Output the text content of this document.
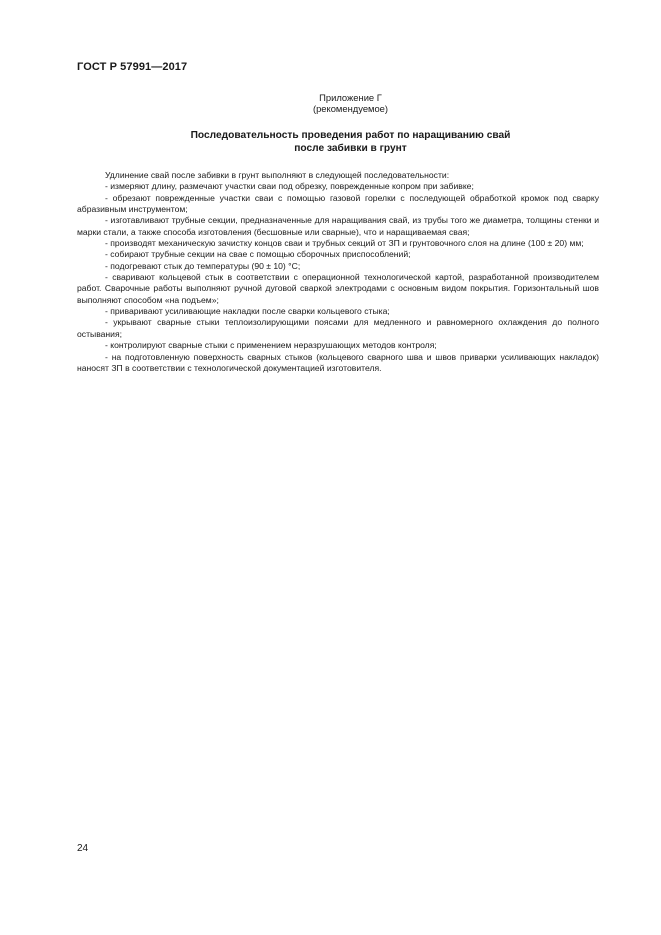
ГОСТ Р 57991—2017
Приложение Г
(рекомендуемое)
Последовательность проведения работ по наращиванию свай
после забивки в грунт

Удлинение свай после забивки в грунт выполняют в следующей последовательности:

- измеряют длину, размечают участки сваи под обрезку, поврежденные копром при забивке;

- обрезают поврежденные участки сваи с помощью газовой горелки с последующей обработкой кромок под сварку абразивным инструментом;

- изготавливают трубные секции, предназначенные для наращивания свай, из трубы того же диаметра, толщины стенки и марки стали, а также способа изготовления (бесшовные или сварные), что и наращиваемая свая;

- производят механическую зачистку концов сваи и трубных секций от ЗП и грунтовочного слоя на длине (100 ± 20) мм;

- собирают трубные секции на сваe с помощью сборочных приспособлений;

- подогревают стык до температуры (90 ± 10) °С;

- сваривают кольцевой стык в соответствии с операционной технологической картой, разработанной производителем работ. Сварочные работы выполняют ручной дуговой сваркой электродами с основным видом покрытия. Горизонтальный шов выполняют способом «на подъем»;

- приваривают усиливающие накладки после сварки кольцевого стыка;

- укрывают сварные стыки теплоизолирующими поясами для медленного и равномерного охлаждения до полного остывания;

- контролируют сварные стыки с применением неразрушающих методов контроля;

- на подготовленную поверхность сварных стыков (кольцевого сварного шва и швов приварки усиливающих накладок) наносят ЗП в соответствии с технологической документацией изготовителя.

24
